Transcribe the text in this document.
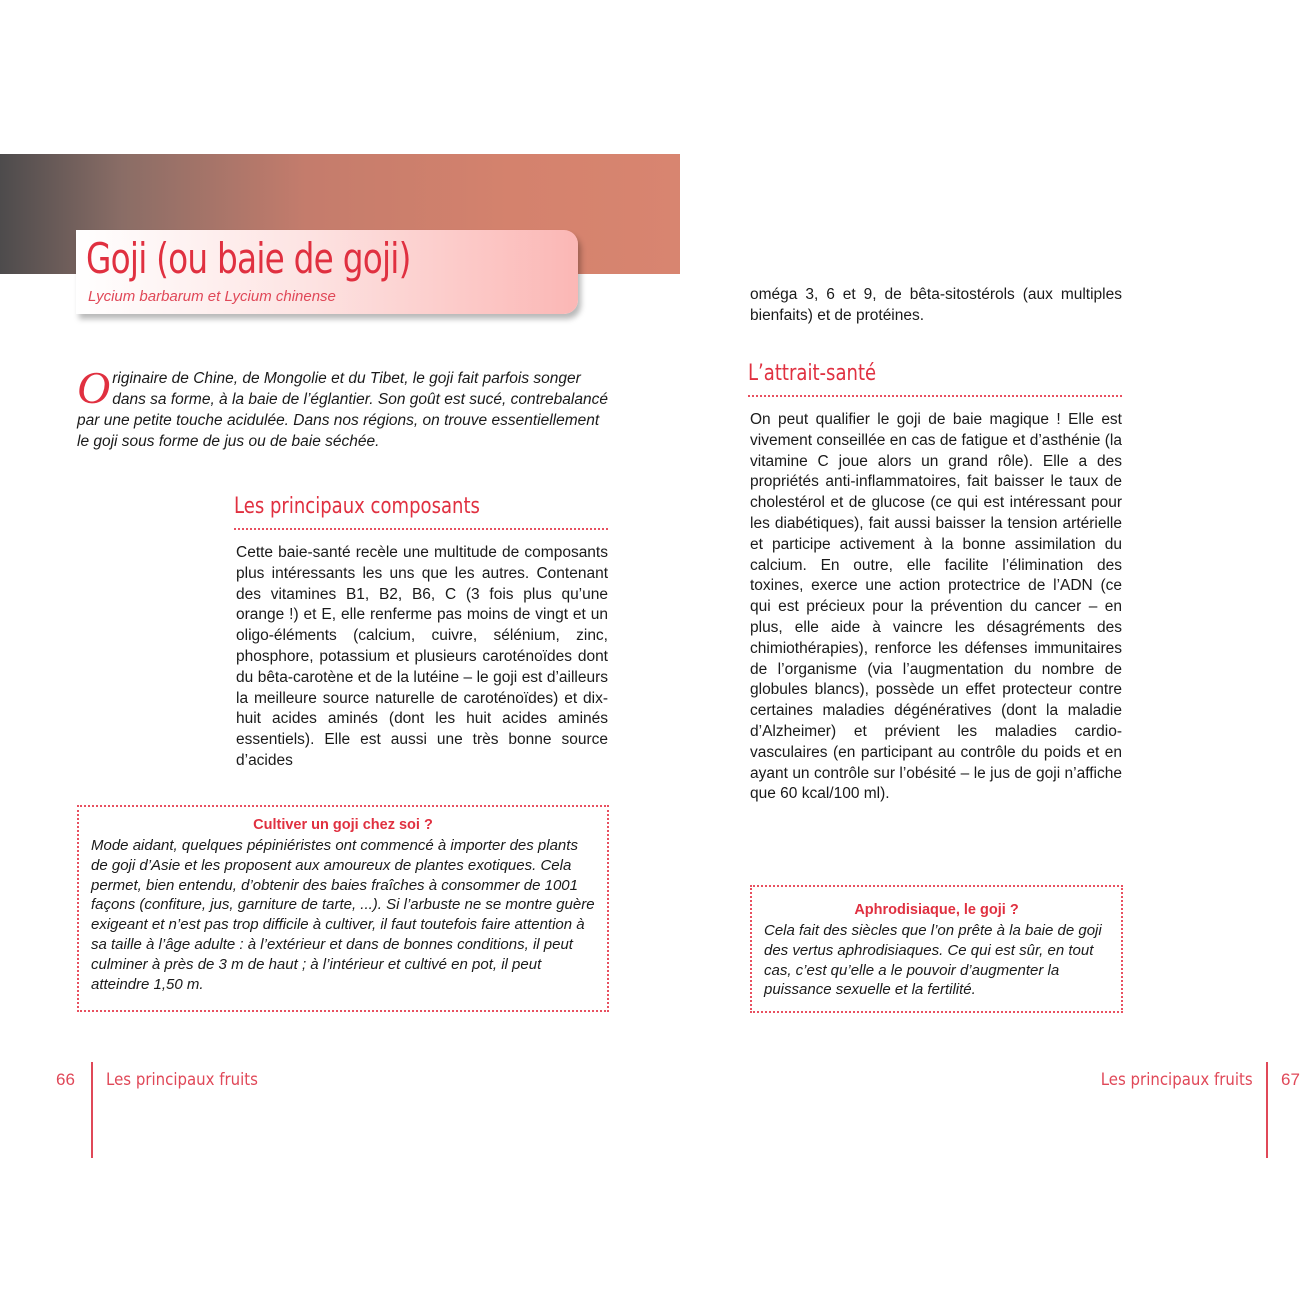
Goji (ou baie de goji)
Lycium barbarum et Lycium chinense
Originaire de Chine, de Mongolie et du Tibet, le goji fait parfois songer dans sa forme, à la baie de l’églantier. Son goût est sucé, contrebalancé par une petite touche acidulée. Dans nos régions, on trouve essentiellement le goji sous forme de jus ou de baie séchée.
Les principaux composants

Cette baie-santé recèle une multitude de composants plus intéressants les uns que les autres. Contenant des vitamines B1, B2, B6, C (3 fois plus qu’une orange !) et E, elle renferme pas moins de vingt et un oligo-éléments (calcium, cuivre, sélénium, zinc, phosphore, potassium et plusieurs caroténoïdes dont du bêta-carotène et de la lutéine – le goji est d’ailleurs la meilleure source naturelle de caroténoïdes) et dix-huit acides aminés (dont les huit acides aminés essentiels). Elle est aussi une très bonne source d’acides

Cultiver un goji chez soi ?

Mode aidant, quelques pépiniéristes ont commencé à importer des plants de goji d’Asie et les proposent aux amoureux de plantes exotiques. Cela permet, bien entendu, d’obtenir des baies fraîches à consommer de 1001 façons (confiture, jus, garniture de tarte, ...). Si l’arbuste ne se montre guère exigeant et n’est pas trop difficile à cultiver, il faut toutefois faire attention à sa taille à l’âge adulte : à l’extérieur et dans de bonnes conditions, il peut culminer à près de 3 m de haut ; à l’intérieur et cultivé en pot, il peut atteindre 1,50 m.

oméga 3, 6 et 9, de bêta-sitostérols (aux multiples bienfaits) et de protéines.

L’attrait-santé

On peut qualifier le goji de baie magique ! Elle est vivement conseillée en cas de fatigue et d’asthénie (la vitamine C joue alors un grand rôle). Elle a des propriétés anti-inflammatoires, fait baisser le taux de cholestérol et de glucose (ce qui est intéressant pour les diabétiques), fait aussi baisser la tension artérielle et participe activement à la bonne assimilation du calcium. En outre, elle facilite l’élimination des toxines, exerce une action protectrice de l’ADN (ce qui est précieux pour la prévention du cancer – en plus, elle aide à vaincre les désagréments des chimiothérapies), renforce les défenses immunitaires de l’organisme (via l’augmentation du nombre de globules blancs), possède un effet protecteur contre certaines maladies dégénératives (dont la maladie d’Alzheimer) et prévient les maladies cardio-vasculaires (en participant au contrôle du poids et en ayant un contrôle sur l’obésité – le jus de goji n’affiche que 60 kcal/100 ml).

Aphrodisiaque, le goji ?

Cela fait des siècles que l’on prête à la baie de goji des vertus aphrodisiaques. Ce qui est sûr, en tout cas, c’est qu’elle a le pouvoir d’augmenter la puissance sexuelle et la fertilité.

66 Les principaux fruits	Les principaux fruits 67
